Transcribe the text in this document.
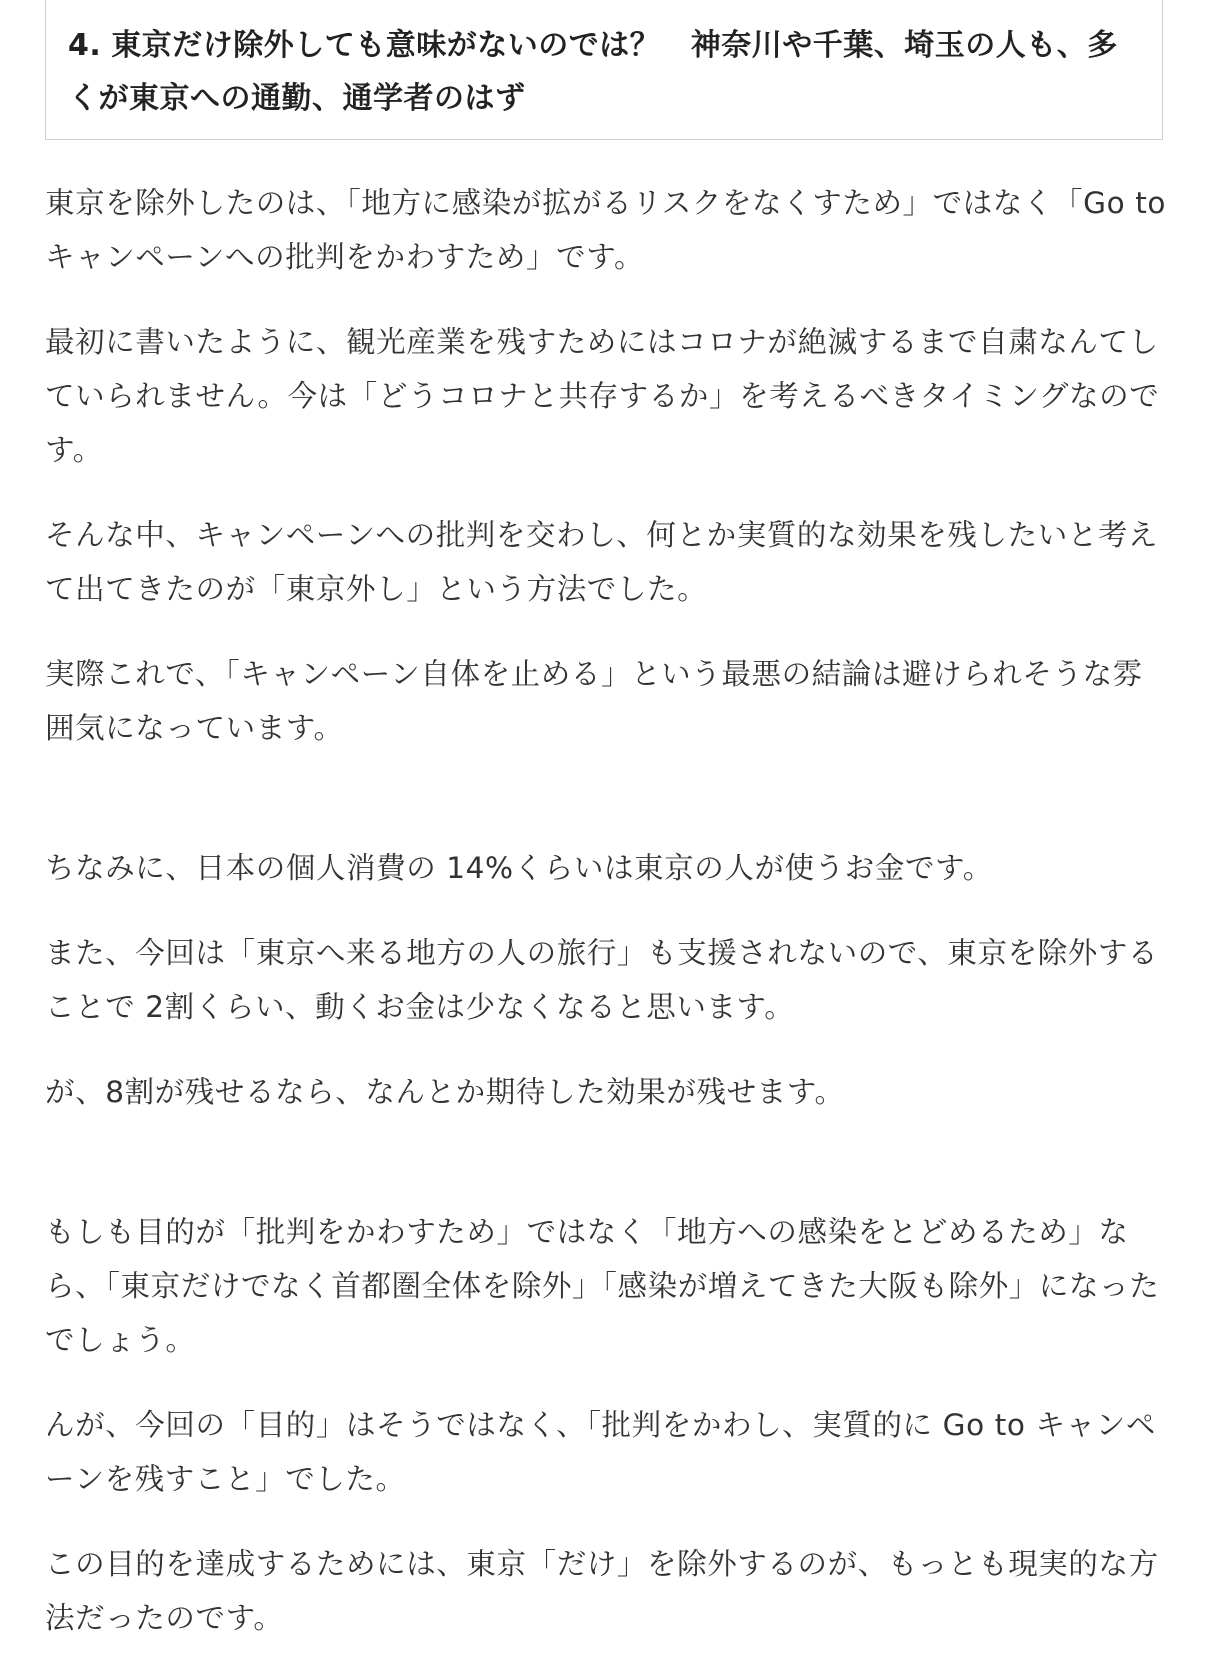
4. 東京だけ除外しても意味がないのでは？　神奈川や千葉、埼玉の人も、多くが東京への通勤、通学者のはず

東京を除外したのは、「地方に感染が拡がるリスクをなくすため」ではなく「Go to キャンペーンへの批判をかわすため」です。

最初に書いたように、観光産業を残すためにはコロナが絶滅するまで自粛なんてしていられません。今は「どうコロナと共存するか」を考えるべきタイミングなのです。

そんな中、キャンペーンへの批判を交わし、何とか実質的な効果を残したいと考えて出てきたのが「東京外し」という方法でした。

実際これで、「キャンペーン自体を止める」という最悪の結論は避けられそうな雰囲気になっています。

ちなみに、日本の個人消費の 14%くらいは東京の人が使うお金です。

また、今回は「東京へ来る地方の人の旅行」も支援されないので、東京を除外することで 2割くらい、動くお金は少なくなると思います。

が、8割が残せるなら、なんとか期待した効果が残せます。

もしも目的が「批判をかわすため」ではなく「地方への感染をとどめるため」なら、「東京だけでなく首都圏全体を除外」「感染が増えてきた大阪も除外」になったでしょう。

んが、今回の「目的」はそうではなく、「批判をかわし、実質的に Go to キャンペーンを残すこと」でした。

この目的を達成するためには、東京「だけ」を除外するのが、もっとも現実的な方法だったのです。
